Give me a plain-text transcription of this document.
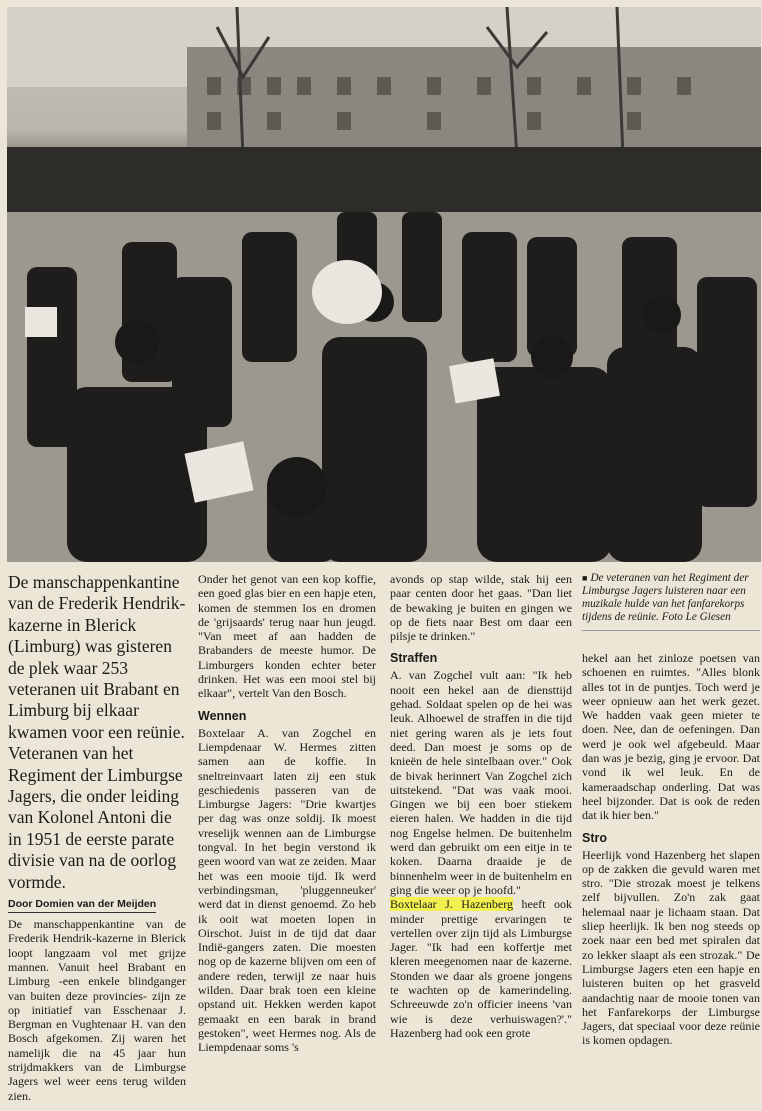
De manschappenkantine van de Frederik Hendrik-kazerne in Blerick (Limburg) was gisteren de plek waar 253 veteranen uit Brabant en Limburg bij elkaar kwamen voor een reünie. Veteranen van het Regiment der Limburgse Jagers, die onder leiding van Kolonel Antoni die in 1951 de eerste parate divisie van na de oorlog vormde.

Door Domien van der Meijden

De manschappenkantine van de Frederik Hendrik-kazerne in Blerick loopt langzaam vol met grijze mannen. Vanuit heel Brabant en Limburg -een enkele blindganger van buiten deze provincies- zijn ze op initiatief van Esschenaar J. Bergman en Vughtenaar H. van den Bosch afgekomen. Zij waren het namelijk die na 45 jaar hun strijdmakkers van de Limburgse Jagers wel weer eens terug wilden zien.

Onder het genot van een kop koffie, een goed glas bier en een hapje eten, komen de stemmen los en dromen de 'grijsaards' terug naar hun jeugd. "Van meet af aan hadden de Brabanders de meeste humor. De Limburgers konden echter beter drinken. Het was een mooi stel bij elkaar", vertelt Van den Bosch.

Wennen

Boxtelaar A. van Zogchel en Liempdenaar W. Hermes zitten samen aan de koffie. In sneltreinvaart laten zij een stuk geschiedenis passeren van de Limburgse Jagers: "Drie kwartjes per dag was onze soldij. Ik moest vreselijk wennen aan de Limburgse tongval. In het begin verstond ik geen woord van wat ze zeiden. Maar het was een mooie tijd. Ik werd verbindingsman, 'pluggenneuker' werd dat in dienst genoemd. Zo heb ik ooit wat moeten lopen in Oirschot. Juist in de tijd dat daar Indië-gangers zaten. Die moesten nog op de kazerne blijven om een of andere reden, terwijl ze naar huis wilden. Daar brak toen een kleine opstand uit. Hekken werden kapot gemaakt en een barak in brand gestoken", weet Hermes nog. Als de Liempdenaar soms 's

avonds op stap wilde, stak hij een paar centen door het gaas. "Dan liet de bewaking je buiten en gingen we op de fiets naar Best om daar een pilsje te drinken."

Straffen

A. van Zogchel vult aan: "Ik heb nooit een hekel aan de diensttijd gehad. Soldaat spelen op de hei was leuk. Alhoewel de straffen in die tijd niet gering waren als je iets fout deed. Dan moest je soms op de knieën de hele sintelbaan over." Ook de bivak herinnert Van Zogchel zich uitstekend. "Dat was vaak mooi. Gingen we bij een boer stiekem eieren halen. We hadden in die tijd nog Engelse helmen. De buitenhelm werd dan gebruikt om een eitje in te koken. Daarna draaide je de binnenhelm weer in de buitenhelm en ging die weer op je hoofd."

Boxtelaar J. Hazenberg heeft ook minder prettige ervaringen te vertellen over zijn tijd als Limburgse Jager. "Ik had een koffertje met kleren meegenomen naar de kazerne. Stonden we daar als groene jongens te wachten op de kamerindeling. Schreeuwde zo'n officier ineens 'van wie is deze verhuiswagen?'." Hazenberg had ook een grote

■ De veteranen van het Regiment der Limburgse Jagers luisteren naar een muzikale hulde van het fanfarekorps tijdens de reünie. Foto Le Giesen

hekel aan het zinloze poetsen van schoenen en ruimtes. "Alles blonk alles tot in de puntjes. Toch werd je weer opnieuw aan het werk gezet. We hadden vaak geen mieter te doen. Nee, dan de oefeningen. Dan werd je ook wel afgebeuld. Maar dan was je bezig, ging je ervoor. Dat vond ik wel leuk. En de kameraadschap onderling. Dat was heel bijzonder. Dat is ook de reden dat ik hier ben."

Stro

Heerlijk vond Hazenberg het slapen op de zakken die gevuld waren met stro. "Die strozak moest je telkens zelf bijvullen. Zo'n zak gaat helemaal naar je lichaam staan. Dat sliep heerlijk. Ik ben nog steeds op zoek naar een bed met spiralen dat zo lekker slaapt als een strozak." De Limburgse Jagers eten een hapje en luisteren buiten op het grasveld aandachtig naar de mooie tonen van het Fanfarekorps der Limburgse Jagers, dat speciaal voor deze reünie is komen opdagen.
